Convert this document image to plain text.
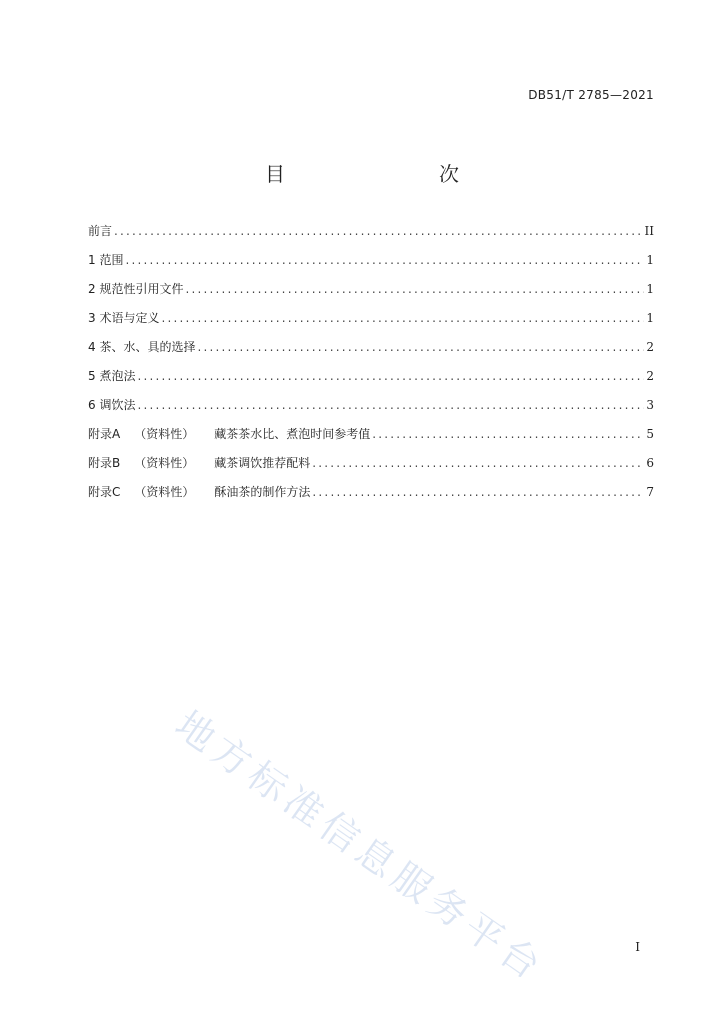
DB51/T 2785—2021
目　　次
前言 .....	II
1 范围 .....	1
2 规范性引用文件 .....	1
3 术语与定义 .....	1
4 茶、水、具的选择 .....	2
5 煮泡法 .....	2
6 调饮法 .....	3
附录A （资料性） 藏茶茶水比、煮泡时间参考值 .....	5
附录B （资料性） 藏茶调饮推荐配料 .....	6
附录C （资料性） 酥油茶的制作方法 .....	7
地方标准信息服务平台	I
